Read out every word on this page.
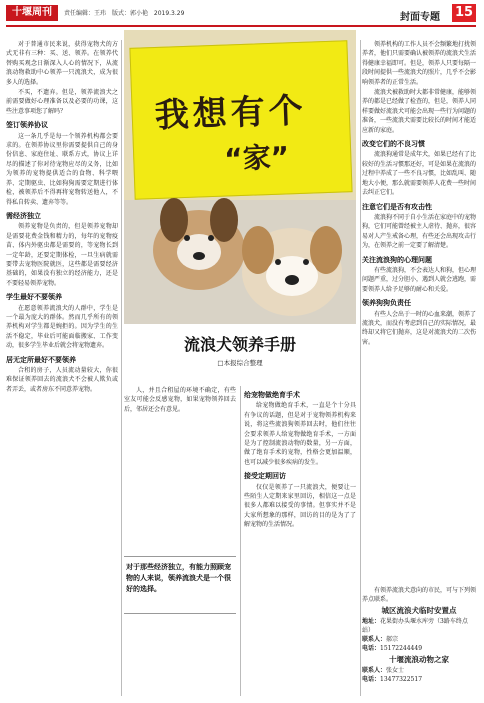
十堰周刊	责任编辑：王玮 版式：郭小艳 2019.3.29	封面专题 15

对于普通市民来说，获得宠物犬的方式无非有三种：买、送、领养。在领养代替购买观念日渐深入人心的情况下，从流浪动物救助中心领养一只流浪犬，成为很多人的选择。

不买，不遗弃。但是，领养流浪犬之前需要做好心理准备以及必要的功课，这些注意事项您了解吗？

签订领养协议

这一条几乎是每一个领养机构都会要求的。在领养协议里你需要提供自己的身份信息、家庭住址、联系方式，协议上详尽的描述了你对待宠物应尽的义务，比如为领养的宠物提供适合的食物、科学喂养、定期驱虫、比如狗狗需要定期进行体检，被领养后不得再将宠物转送他人，不得私自转卖、遗弃等等。

需经济独立

领养宠物是负责的，但是领养宠物却是需要花费金钱和精力的，每年的宠物疫苗、体内外驱虫都是需要的，等宠物长到一定年龄，还要定期体检，一旦生病就需要带去宠物医院就医，这些都是需要经济基础的，如果没有独立的经济能力，还是不要轻易领养宠物。

学生最好不要领养

在愿意领养流浪犬的人群中，学生是一个最为庞大的群体。然而几乎所有的领养机构对学生都是婉拒的。因为学生的生活不稳定，毕业后可能面临搬家、工作变动，很多学生毕业后就会将宠物遗弃。

居无定所最好不要领养

合租的房子，人员流动量较大，你很难保证领养回去的流浪犬不会被人欺负或者弄丢，或者房东不同意养宠物。

我想有个
“家”
流浪犬领养手册
□本报综合整理

人，并且合租屋的环境不确定，有些室友可能会反感宠物，如果宠物领养回去后，邻居还会有意见。

对于那些经济独立，有能力照顾宠物的人来说，领养流浪犬是一个很好的选择。
给宠物做绝育手术

给宠物做绝育手术，一直是个十分具有争议的话题，但是对于宠物领养机构来说，将这些流浪狗领养回去时，他们往往会要求领养人给宠物做绝育手术，一方面是为了控制流浪动物的数量，另一方面，做了绝育手术的宠物，性格会更加温顺，也可以减少很多疾病的发生。

接受定期回访

仅仅是领养了一只流浪犬，便要让一些陌生人定期来家里回访，相信这一点是很多人都难以接受的事情。但事实并不是大家所想象的那样，回访的目的是为了了解宠物的生活情况。

领养机构的工作人员不会频繁地打扰领养者，他们只需要确认被领养的流浪犬生活得健康幸福即可。但是，领养人只要每隔一段时间提供一些流浪犬的照片，几乎不会影响领养者的正常生活。

流浪犬被救助时大都非常健康，能够领养的都是已经做了检查的，但是，领养人同样要做好流浪犬可能会出现一些行为问题的准备，一些流浪犬需要比较长的时间才能适应新的家庭。

改变它们的不良习惯

流浪狗通常是成年犬，如果已经有了比较好的生活习惯那还好，可是如果在流浪的过程中养成了一些不良习惯，比如乱叫、随地大小便，那么就需要领养人花费一些时间去纠正它们。

注意它们是否有攻击性

流浪狗不同于自小生活在家庭中的宠物狗，它们可能曾经被主人虐待、抛弃，很容易对人产生戒备心理，有些还会出现攻击行为，在领养之前一定要了解清楚。

关注流浪狗的心理问题

有些流浪狗，不会表达人和狗，但心理问题严重，过分胆小，遇到人就会逃跑，需要领养人给予足够的耐心和关爱。

领养狗狗负责任

有些人会出于一时的心血来潮，领养了流浪犬，而没有考虑到自己的实际情况，最终却又将它们抛弃，这是对流浪犬的二次伤害。

有领养流浪犬意向的市民，可与下列领养点联系。

城区流浪犬临时安置点

地址：花果街办头堰水库旁（3路车终点站）

联系人：郝宗

电话：15172244449

十堰流浪动物之家

联系人：张女士

电话：13477322517
